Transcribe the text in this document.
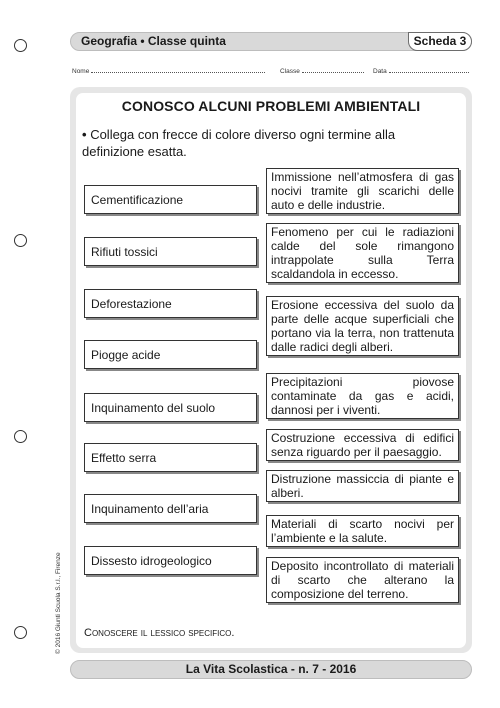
Geografia • Classe quinta	Scheda 3
Nome	Classe	Data
CONOSCO ALCUNI PROBLEMI AMBIENTALI
• Collega con frecce di colore diverso ogni termine alla definizione esatta.
Cementificazione
Rifiuti tossici
Deforestazione
Piogge acide
Inquinamento del suolo
Effetto serra
Inquinamento dell’aria
Dissesto idrogeologico
Immissione nell’atmosfera di gas nocivi tramite gli scarichi delle auto e delle industrie.
Fenomeno per cui le radiazioni calde del sole rimangono intrappolate sulla Terra scaldandola in eccesso.
Erosione eccessiva del suolo da parte delle acque superficiali che portano via la terra, non trattenuta dalle radici degli alberi.
Precipitazioni piovose contaminate da gas e acidi, dannosi per i viventi.
Costruzione eccessiva di edifici senza riguardo per il paesaggio.
Distruzione massiccia di piante e alberi.
Materiali di scarto nocivi per l’ambiente e la salute.
Deposito incontrollato di materiali di scarto che alterano la composizione del terreno.
Conoscere il lessico specifico.
© 2016 Giunti Scuola S.r.l., Firenze
La Vita Scolastica - n. 7 - 2016
